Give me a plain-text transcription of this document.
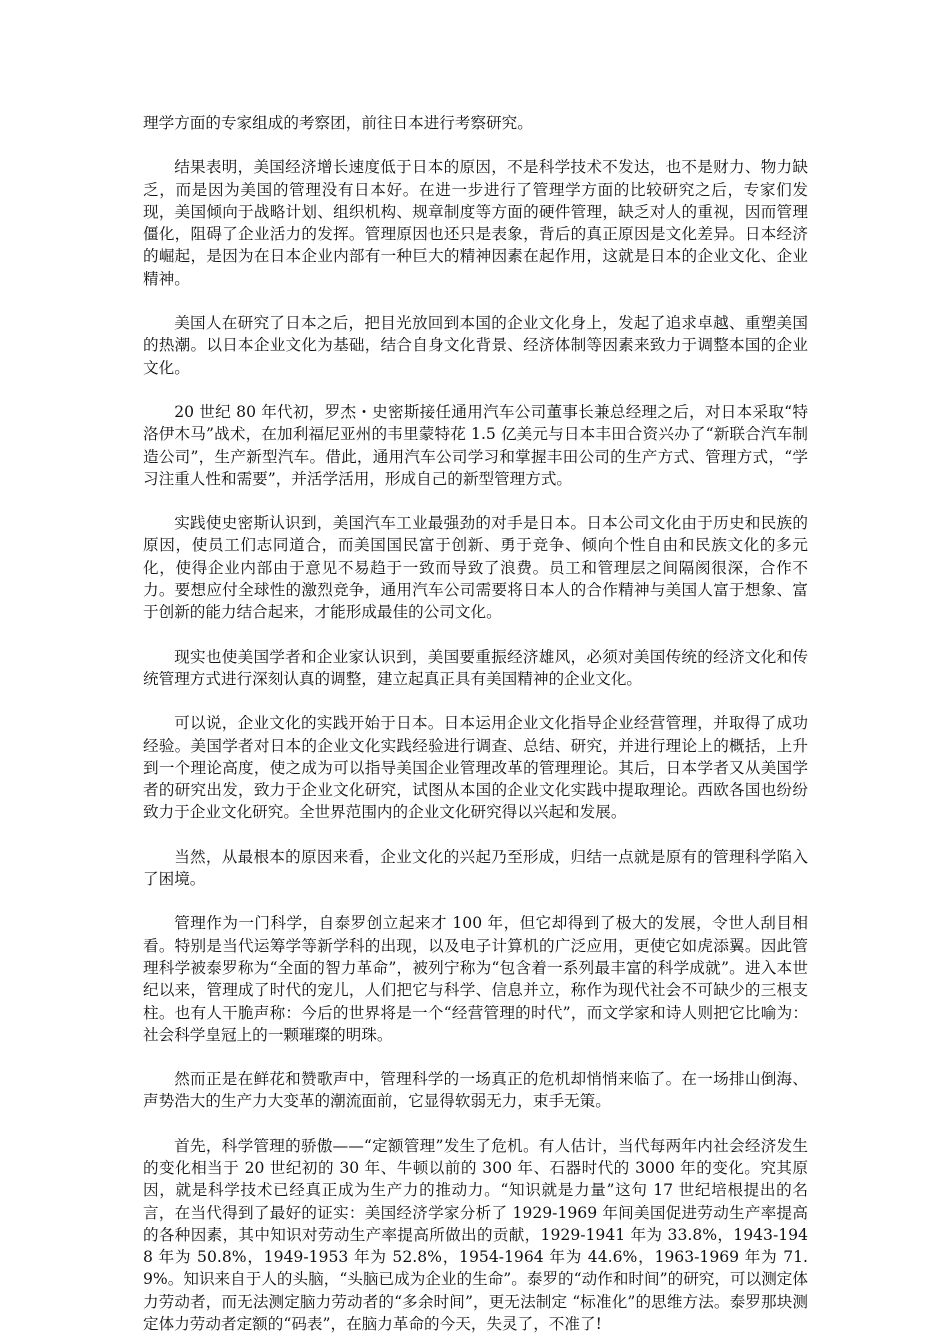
理学方面的专家组成的考察团，前往日本进行考察研究。

结果表明，美国经济增长速度低于日本的原因，不是科学技术不发达，也不是财力、物力缺乏，而是因为美国的管理没有日本好。在进一步进行了管理学方面的比较研究之后，专家们发现，美国倾向于战略计划、组织机构、规章制度等方面的硬件管理，缺乏对人的重视，因而管理僵化，阻碍了企业活力的发挥。管理原因也还只是表象，背后的真正原因是文化差异。日本经济的崛起，是因为在日本企业内部有一种巨大的精神因素在起作用，这就是日本的企业文化、企业精神。

美国人在研究了日本之后，把目光放回到本国的企业文化身上，发起了追求卓越、重塑美国的热潮。以日本企业文化为基础，结合自身文化背景、经济体制等因素来致力于调整本国的企业文化。

20 世纪 80 年代初，罗杰・史密斯接任通用汽车公司董事长兼总经理之后，对日本采取“特洛伊木马”战术，在加利福尼亚州的韦里蒙特花 1.5 亿美元与日本丰田合资兴办了“新联合汽车制造公司”，生产新型汽车。借此，通用汽车公司学习和掌握丰田公司的生产方式、管理方式，“学习注重人性和需要”，并活学活用，形成自己的新型管理方式。

实践使史密斯认识到，美国汽车工业最强劲的对手是日本。日本公司文化由于历史和民族的原因，使员工们志同道合，而美国国民富于创新、勇于竞争、倾向个性自由和民族文化的多元化，使得企业内部由于意见不易趋于一致而导致了浪费。员工和管理层之间隔阂很深，合作不力。要想应付全球性的激烈竞争，通用汽车公司需要将日本人的合作精神与美国人富于想象、富于创新的能力结合起来，才能形成最佳的公司文化。

现实也使美国学者和企业家认识到，美国要重振经济雄风，必须对美国传统的经济文化和传统管理方式进行深刻认真的调整，建立起真正具有美国精神的企业文化。

可以说，企业文化的实践开始于日本。日本运用企业文化指导企业经营管理，并取得了成功经验。美国学者对日本的企业文化实践经验进行调查、总结、研究，并进行理论上的概括，上升到一个理论高度，使之成为可以指导美国企业管理改革的管理理论。其后，日本学者又从美国学者的研究出发，致力于企业文化研究，试图从本国的企业文化实践中提取理论。西欧各国也纷纷致力于企业文化研究。全世界范围内的企业文化研究得以兴起和发展。

当然，从最根本的原因来看，企业文化的兴起乃至形成，归结一点就是原有的管理科学陷入了困境。

管理作为一门科学，自泰罗创立起来才 100 年，但它却得到了极大的发展，令世人刮目相看。特别是当代运筹学等新学科的出现，以及电子计算机的广泛应用，更使它如虎添翼。因此管理科学被泰罗称为“全面的智力革命”，被列宁称为“包含着一系列最丰富的科学成就”。进入本世纪以来，管理成了时代的宠儿，人们把它与科学、信息并立，称作为现代社会不可缺少的三根支柱。也有人干脆声称：今后的世界将是一个“经营管理的时代”，而文学家和诗人则把它比喻为：社会科学皇冠上的一颗璀璨的明珠。

然而正是在鲜花和赞歌声中，管理科学的一场真正的危机却悄悄来临了。在一场排山倒海、声势浩大的生产力大变革的潮流面前，它显得软弱无力，束手无策。

首先，科学管理的骄傲——“定额管理”发生了危机。有人估计，当代每两年内社会经济发生的变化相当于 20 世纪初的 30 年、牛顿以前的 300 年、石器时代的 3000 年的变化。究其原因，就是科学技术已经真正成为生产力的推动力。“知识就是力量”这句 17 世纪培根提出的名言，在当代得到了最好的证实：美国经济学家分析了 1929-1969 年间美国促进劳动生产率提高的各种因素，其中知识对劳动生产率提高所做出的贡献，1929-1941 年为 33.8%，1943-1948 年为 50.8%，1949-1953 年为 52.8%，1954-1964 年为 44.6%，1963-1969 年为 71.9%。知识来自于人的头脑，“头脑已成为企业的生命”。泰罗的“动作和时间”的研究，可以测定体力劳动者，而无法测定脑力劳动者的“多余时间”，更无法制定 “标准化”的思维方法。泰罗那块测定体力劳动者定额的“码表”，在脑力革命的今天，失灵了，不准了!
